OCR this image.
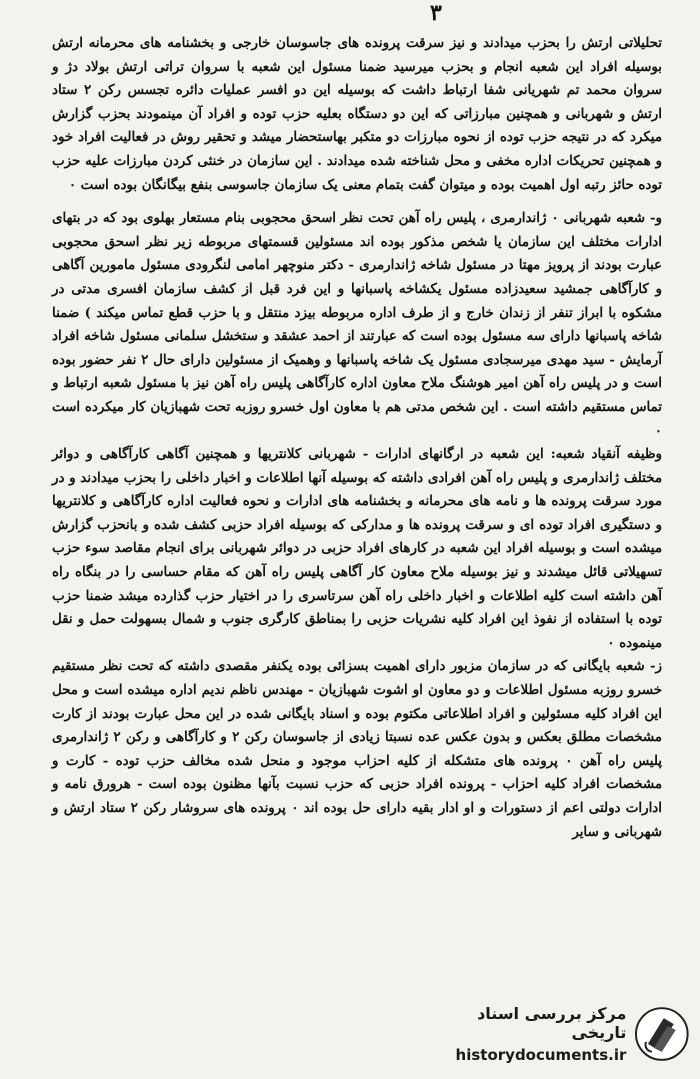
۳

تحلیلاتی ارتش را بحزب میدادند و نیز سرقت پرونده های جاسوسان خارجی و بخشنامه های محرمانه ارتش بوسیله افراد این شعبه انجام و بحزب میرسید ضمنا مسئول این شعبه با سروان تراتی ارتش بولاد دژ و سروان محمد تم شهریانی شفا ارتباط داشت که بوسیله این دو افسر عملیات دائره تجسس رکن ۲ ستاد ارتش و شهربانی و همچنین مبارزاتی که این دو دستگاه بعلیه حزب توده و افراد آن مینمودند بحزب گزارش میکرد که در نتیجه حزب توده از نحوه مبارزات دو متکبر بهاستحضار میشد و تحقیر روش در فعالیت افراد خود و همچنین تحریکات اداره مخفی و محل شناخته شده میدادند . این سازمان در خنثی کردن مبارزات علیه حزب توده حائز رتبه اول اهمیت بوده و میتوان گفت بتمام معنی یک سازمان جاسوسی بنفع بیگانگان بوده است ٠

و- شعبه شهربانی ٠ ژاندارمری ، پلیس راه آهن تحت نظر اسحق محجوبی بنام مستعار بهلوی بود که در بتهای ادارات مختلف این سازمان یا شخص مذکور بوده اند مسئولین قسمتهای مربوطه زیر نظر اسحق محجوبی عبارت بودند از پرویز مهتا در مسئول شاخه ژاندارمری - دکتر منوچهر امامی لنگرودی مسئول مامورین آگاهی و کارآگاهی جمشید سعیدزاده مسئول یکشاخه پاسبانها و این فرد قبل از کشف سازمان افسری مدتی در مشکوه با ابراز تنفر از زندان خارج و از طرف اداره مربوطه بیزد منتقل و با حزب قطع تماس میکند ) ضمنا شاخه پاسبانها دارای سه مسئول بوده است که عبارتند از احمد عشقد و ستخشل سلمانی مسئول شاخه افراد آرمایش - سید مهدی میرسجادی مسئول یک شاخه پاسبانها و وهمیک از مسئولین دارای حال ۲ نفر حضور بوده است و در پلیس راه آهن امیر هوشنگ ملاح معاون اداره کارآگاهی پلیس راه آهن نیز با مسئول شعبه ارتباط و تماس مستقیم داشته است . این شخص مدتی هم با معاون اول خسرو روزبه تحت شهبازیان کار میکرده است ٠

وظیفه آنقیاد شعبه: این شعبه در ارگانهای ادارات - شهربانی کلانتریها و همچنین آگاهی کارآگاهی و دوائر مختلف ژاندارمری و پلیس راه آهن افرادی داشته که بوسیله آنها اطلاعات و اخبار داخلی را بحزب میدادند و در مورد سرقت پرونده ها و نامه های محرمانه و بخشنامه های ادارات و نحوه فعالیت اداره کارآگاهی و کلانتریها و دستگیری افراد توده ای و سرقت پرونده ها و مدارکی که بوسیله افراد حزبی کشف شده و بانحزب گزارش میشده است و بوسیله افراد این شعبه در کارهای افراد حزبی در دوائر شهربانی برای انجام مقاصد سوء حزب تسهیلاتی قائل میشدند و نیز بوسیله ملاح معاون کار آگاهی پلیس راه آهن که مقام حساسی را در بنگاه راه آهن داشته است کلیه اطلاعات و اخبار داخلی راه آهن سرتاسری را در اختیار حزب گذارده میشد ضمنا حزب توده با استفاده از نفوذ این افراد کلیه نشریات حزبی را بمناطق کارگری جنوب و شمال بسهولت حمل و نقل مینموده ٠

ز- شعبه بایگانی که در سازمان مزبور دارای اهمیت بسزائی بوده یکنفر مقصدی داشته که تحت نظر مستقیم خسرو روزبه مسئول اطلاعات و دو معاون او اشوت شهبازیان - مهندس ناظم ندیم اداره میشده است و محل این افراد کلیه مسئولین و افراد اطلاعاتی مکتوم بوده و اسناد بایگانی شده در این محل عبارت بودند از کارت مشخصات مطلق بعکس و بدون عکس عده نسبتا زیادی از جاسوسان رکن ۲ و کارآگاهی و رکن ۲ ژاندارمری پلیس راه آهن ٠ پرونده های متشکله از کلیه احزاب موجود و منحل شده مخالف حزب توده - کارت و مشخصات افراد کلیه احزاب - پرونده افراد حزبی که حزب نسبت بآنها مظنون بوده است - هرورق نامه و ادارات دولتی اعم از دستورات و او ادار بقیه دارای حل بوده اند ٠ پرونده های سروشار رکن ۲ ستاد ارتش و شهربانی و سایر

مرکز بررسی اسناد تاریخی
historydocuments.ir
